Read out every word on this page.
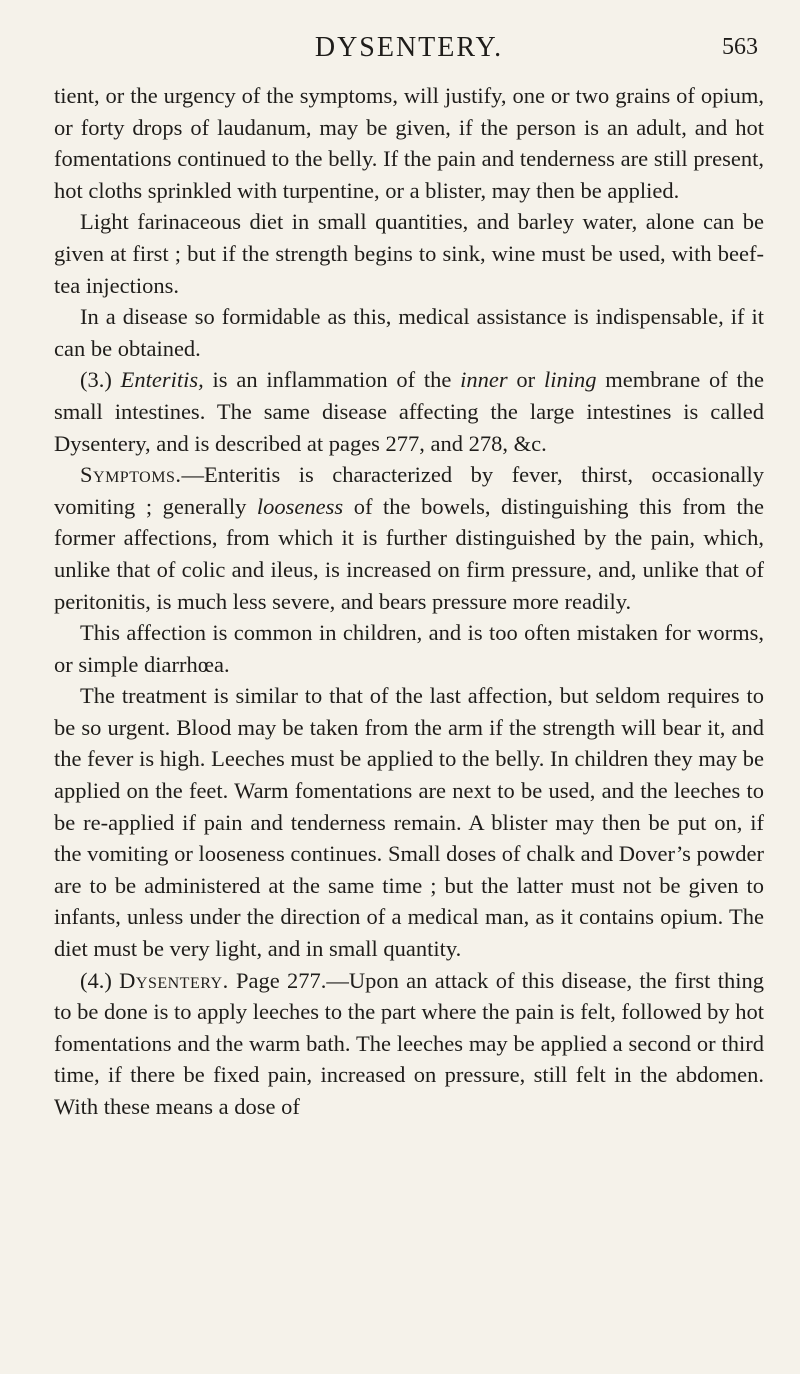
DYSENTERY.	563

tient, or the urgency of the symptoms, will justify, one or two grains of opium, or forty drops of laudanum, may be given, if the person is an adult, and hot fomentations continued to the belly. If the pain and tenderness are still present, hot cloths sprinkled with turpentine, or a blister, may then be applied.

Light farinaceous diet in small quantities, and barley water, alone can be given at first ; but if the strength begins to sink, wine must be used, with beef-tea injections.

In a disease so formidable as this, medical assistance is indispensable, if it can be obtained.

(3.) Enteritis, is an inflammation of the inner or lining membrane of the small intestines. The same disease affecting the large intestines is called Dysentery, and is described at pages 277, and 278, &c.

Symptoms.—Enteritis is characterized by fever, thirst, occasionally vomiting ; generally looseness of the bowels, distinguishing this from the former affections, from which it is further distinguished by the pain, which, unlike that of colic and ileus, is increased on firm pressure, and, unlike that of peritonitis, is much less severe, and bears pressure more readily.

This affection is common in children, and is too often mistaken for worms, or simple diarrhœa.

The treatment is similar to that of the last affection, but seldom requires to be so urgent. Blood may be taken from the arm if the strength will bear it, and the fever is high. Leeches must be applied to the belly. In children they may be applied on the feet. Warm fomentations are next to be used, and the leeches to be re-applied if pain and tenderness remain. A blister may then be put on, if the vomiting or looseness continues. Small doses of chalk and Dover’s powder are to be administered at the same time ; but the latter must not be given to infants, unless under the direction of a medical man, as it contains opium. The diet must be very light, and in small quantity.

(4.) Dysentery. Page 277.—Upon an attack of this disease, the first thing to be done is to apply leeches to the part where the pain is felt, followed by hot fomentations and the warm bath. The leeches may be applied a second or third time, if there be fixed pain, increased on pressure, still felt in the abdomen. With these means a dose of
